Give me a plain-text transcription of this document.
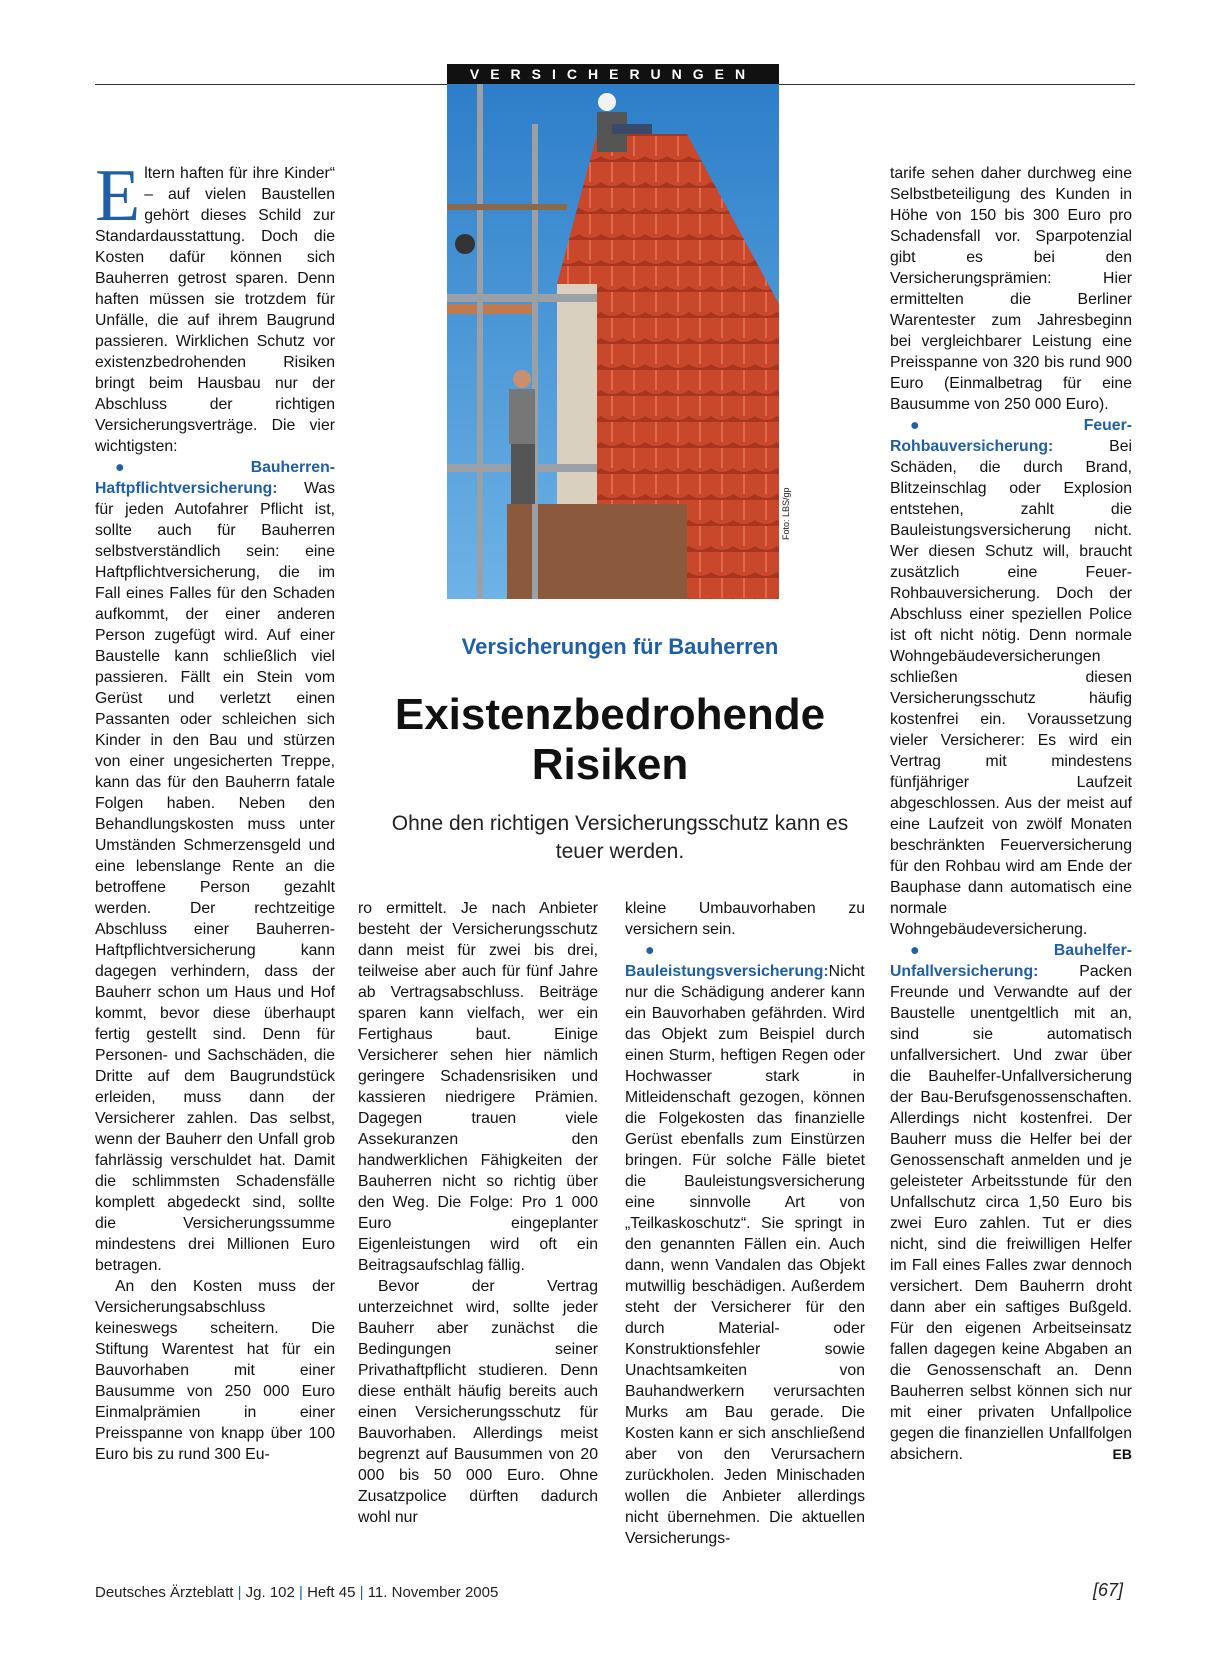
VERSICHERUNGEN
Foto: LBS/gp
Versicherungen für Bauherren
Existenzbedrohende Risiken
Ohne den richtigen Versicherungsschutz kann es teuer werden.

Eltern haften für ihre Kinder“ – auf vielen Baustellen gehört dieses Schild zur Standardausstattung. Doch die Kosten dafür können sich Bauherren getrost sparen. Denn haften müssen sie trotzdem für Unfälle, die auf ihrem Baugrund passieren. Wirklichen Schutz vor existenzbedrohenden Risiken bringt beim Hausbau nur der Abschluss der richtigen Versicherungsverträge. Die vier wichtigsten:

●	Bauherren-Haftpflichtversicherung: Was für jeden Autofahrer Pflicht ist, sollte auch für Bauherren selbstverständlich sein: eine Haftpflichtversicherung, die im Fall eines Falles für den Schaden aufkommt, der einer anderen Person zugefügt wird. Auf einer Baustelle kann schließlich viel passieren. Fällt ein Stein vom Gerüst und verletzt einen Passanten oder schleichen sich Kinder in den Bau und stürzen von einer ungesicherten Treppe, kann das für den Bauherrn fatale Folgen haben. Neben den Behandlungskosten muss unter Umständen Schmerzensgeld und eine lebenslange Rente an die betroffene Person gezahlt werden. Der rechtzeitige Abschluss einer Bauherren-Haftpflichtversicherung kann dagegen verhindern, dass der Bauherr schon um Haus und Hof kommt, bevor diese überhaupt fertig gestellt sind. Denn für Personen- und Sachschäden, die Dritte auf dem Baugrundstück erleiden, muss dann der Versicherer zahlen. Das selbst, wenn der Bauherr den Unfall grob fahrlässig verschuldet hat. Damit die schlimmsten Schadensfälle komplett abgedeckt sind, sollte die Versicherungssumme mindestens drei Millionen Euro betragen.

An den Kosten muss der Versicherungsabschluss keineswegs scheitern. Die Stiftung Warentest hat für ein Bauvorhaben mit einer Bausumme von 250 000 Euro Einmalprämien in einer Preisspanne von knapp über 100 Euro bis zu rund 300 Eu-

ro ermittelt. Je nach Anbieter besteht der Versicherungsschutz dann meist für zwei bis drei, teilweise aber auch für fünf Jahre ab Vertragsabschluss. Beiträge sparen kann vielfach, wer ein Fertighaus baut. Einige Versicherer sehen hier nämlich geringere Schadensrisiken und kassieren niedrigere Prämien. Dagegen trauen viele Assekuranzen den handwerklichen Fähigkeiten der Bauherren nicht so richtig über den Weg. Die Folge: Pro 1 000 Euro eingeplanter Eigenleistungen wird oft ein Beitragsaufschlag fällig.

Bevor der Vertrag unterzeichnet wird, sollte jeder Bauherr aber zunächst die Bedingungen seiner Privathaftpflicht studieren. Denn diese enthält häufig bereits auch einen Versicherungsschutz für Bauvorhaben. Allerdings meist begrenzt auf Bausummen von 20 000 bis 50 000 Euro. Ohne Zusatzpolice dürften dadurch wohl nur

kleine Umbauvorhaben zu versichern sein.

● Bauleistungsversicherung:Nicht nur die Schädigung anderer kann ein Bauvorhaben gefährden. Wird das Objekt zum Beispiel durch einen Sturm, heftigen Regen oder Hochwasser stark in Mitleidenschaft gezogen, können die Folgekosten das finanzielle Gerüst ebenfalls zum Einstürzen bringen. Für solche Fälle bietet die Bauleistungsversicherung eine sinnvolle Art von „Teilkaskoschutz“. Sie springt in den genannten Fällen ein. Auch dann, wenn Vandalen das Objekt mutwillig beschädigen. Außerdem steht der Versicherer für den durch Material- oder Konstruktionsfehler sowie Unachtsamkeiten von Bauhandwerkern verursachten Murks am Bau gerade. Die Kosten kann er sich anschließend aber von den Verursachern zurückholen. Jeden Minischaden wollen die Anbieter allerdings nicht übernehmen. Die aktuellen Versicherungs-

tarife sehen daher durchweg eine Selbstbeteiligung des Kunden in Höhe von 150 bis 300 Euro pro Schadensfall vor. Sparpotenzial gibt es bei den Versicherungsprämien: Hier ermittelten die Berliner Warentester zum Jahresbeginn bei vergleichbarer Leistung eine Preisspanne von 320 bis rund 900 Euro (Einmalbetrag für eine Bausumme von 250 000 Euro).

●	Feuer-Rohbauversicherung: Bei Schäden, die durch Brand, Blitzeinschlag oder Explosion entstehen, zahlt die Bauleistungsversicherung nicht. Wer diesen Schutz will, braucht zusätzlich eine Feuer-Rohbauversicherung. Doch der Abschluss einer speziellen Police ist oft nicht nötig. Denn normale Wohngebäudeversicherungen schließen diesen Versicherungsschutz häufig kostenfrei ein. Voraussetzung vieler Versicherer: Es wird ein Vertrag mit mindestens fünfjähriger Laufzeit abgeschlossen. Aus der meist auf eine Laufzeit von zwölf Monaten beschränkten Feuerversicherung für den Rohbau wird am Ende der Bauphase dann automatisch eine normale Wohngebäudeversicherung.

●	Bauhelfer-Unfallversicherung: Packen Freunde und Verwandte auf der Baustelle unentgeltlich mit an, sind sie automatisch unfallversichert. Und zwar über die Bauhelfer-Unfallversicherung der Bau-Berufsgenossenschaften. Allerdings nicht kostenfrei. Der Bauherr muss die Helfer bei der Genossenschaft anmelden und je geleisteter Arbeitsstunde für den Unfallschutz circa 1,50 Euro bis zwei Euro zahlen. Tut er dies nicht, sind die freiwilligen Helfer im Fall eines Falles zwar dennoch versichert. Dem Bauherrn droht dann aber ein saftiges Bußgeld. Für den eigenen Arbeitseinsatz fallen dagegen keine Abgaben an die Genossenschaft an. Denn Bauherren selbst können sich nur mit einer privaten Unfallpolice gegen die finanziellen Unfallfolgen absichern.	EB

Deutsches Ärzteblatt | Jg. 102 | Heft 45 | 11. November 2005	[67]
